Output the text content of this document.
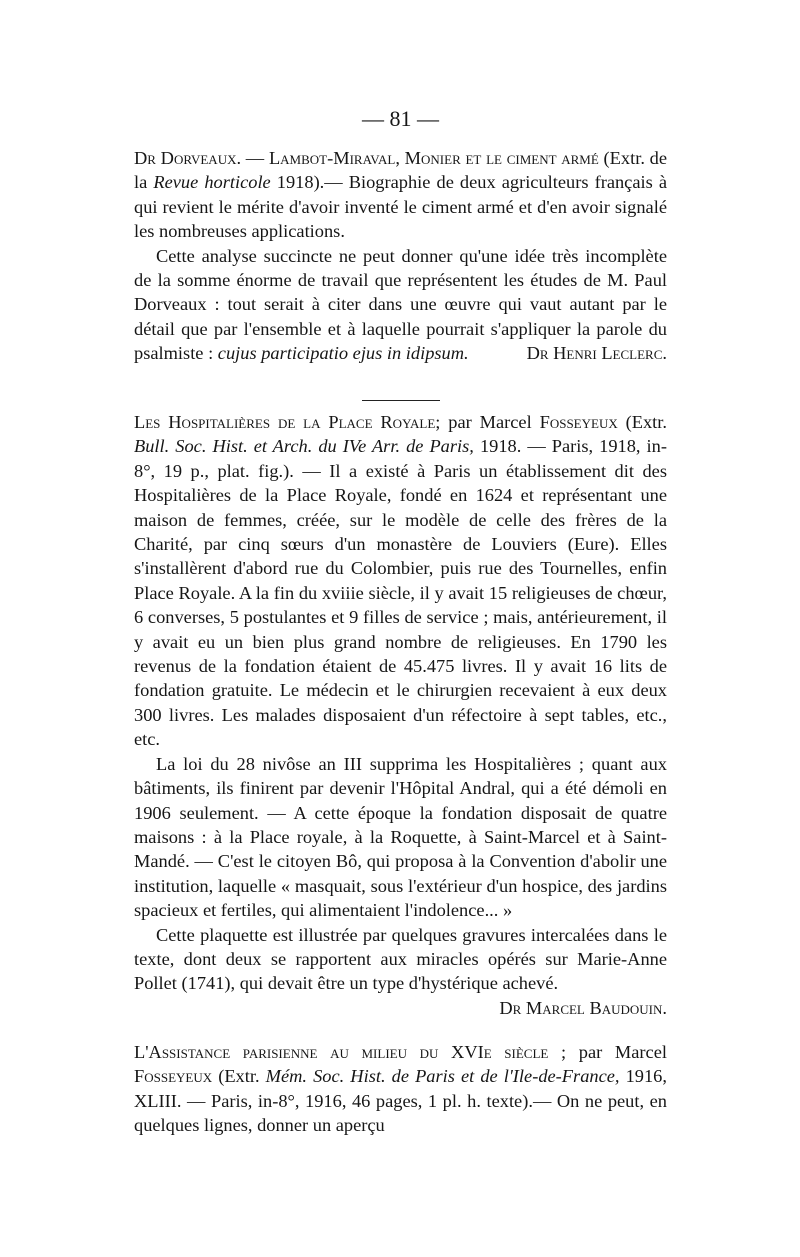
— 81 —

Dr Dorveaux. — Lambot-Miraval, Monier et le ciment armé (Extr. de la Revue horticole 1918).— Biographie de deux agriculteurs français à qui revient le mérite d'avoir inventé le ciment armé et d'en avoir signalé les nombreuses applications.

Cette analyse succincte ne peut donner qu'une idée très incomplète de la somme énorme de travail que représentent les études de M. Paul Dorveaux : tout serait à citer dans une œuvre qui vaut autant par le détail que par l'ensemble et à laquelle pourrait s'appliquer la parole du psalmiste : cujus participatio ejus in idipsum.	Dr Henri Leclerc.

Les Hospitalières de la Place Royale; par Marcel Fosseyeux (Extr. Bull. Soc. Hist. et Arch. du IVe Arr. de Paris, 1918. — Paris, 1918, in-8°, 19 p., plat. fig.). — Il a existé à Paris un établissement dit des Hospitalières de la Place Royale, fondé en 1624 et représentant une maison de femmes, créée, sur le modèle de celle des frères de la Charité, par cinq sœurs d'un monastère de Louviers (Eure). Elles s'installèrent d'abord rue du Colombier, puis rue des Tournelles, enfin Place Royale. A la fin du xviiie siècle, il y avait 15 religieuses de chœur, 6 converses, 5 postulantes et 9 filles de service ; mais, antérieurement, il y avait eu un bien plus grand nombre de religieuses. En 1790 les revenus de la fondation étaient de 45.475 livres. Il y avait 16 lits de fondation gratuite. Le médecin et le chirurgien recevaient à eux deux 300 livres. Les malades disposaient d'un réfectoire à sept tables, etc., etc.

La loi du 28 nivôse an III supprima les Hospitalières ; quant aux bâtiments, ils finirent par devenir l'Hôpital Andral, qui a été démoli en 1906 seulement. — A cette époque la fondation disposait de quatre maisons : à la Place royale, à la Roquette, à Saint-Marcel et à Saint-Mandé. — C'est le citoyen Bô, qui proposa à la Convention d'abolir une institution, laquelle « masquait, sous l'extérieur d'un hospice, des jardins spacieux et fertiles, qui alimentaient l'indolence... »

Cette plaquette est illustrée par quelques gravures intercalées dans le texte, dont deux se rapportent aux miracles opérés sur Marie-Anne Pollet (1741), qui devait être un type d'hystérique achevé.
Dr Marcel Baudouin.

L'Assistance parisienne au milieu du XVIe siècle ; par Marcel Fosseyeux (Extr. Mém. Soc. Hist. de Paris et de l'Ile-de-France, 1916, XLIII. — Paris, in-8°, 1916, 46 pages, 1 pl. h. texte).— On ne peut, en quelques lignes, donner un aperçu
